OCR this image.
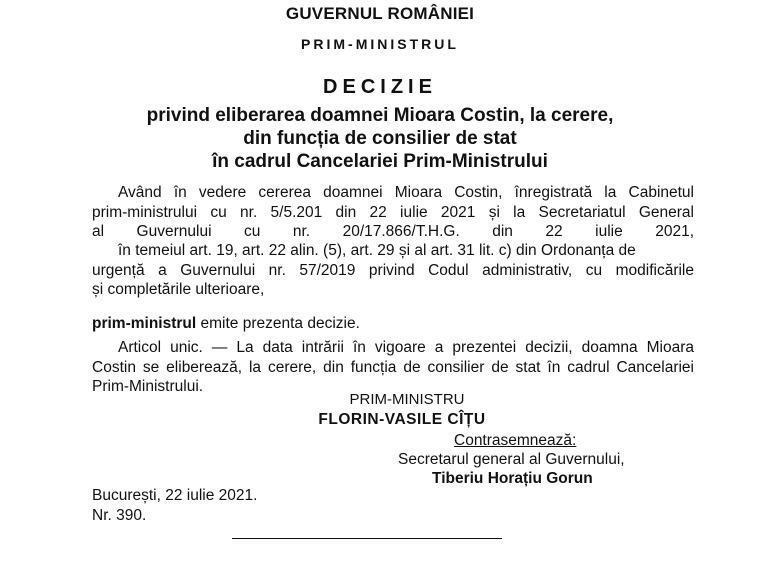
GUVERNUL ROMÂNIEI
PRIM-MINISTRUL
DECIZIE
privind eliberarea doamnei Mioara Costin, la cerere,
din funcția de consilier de stat
în cadrul Cancelariei Prim-Ministrului
Având în vedere cererea doamnei Mioara Costin, înregistrată la Cabinetul
prim-ministrului cu nr. 5/5.201 din 22 iulie 2021 și la Secretariatul General
al Guvernului cu nr. 20/17.866/T.H.G. din 22 iulie 2021,
în temeiul art. 19, art. 22 alin. (5), art. 29 și al art. 31 lit. c) din Ordonanța de
urgență a Guvernului nr. 57/2019 privind Codul administrativ, cu modificările
și completările ulterioare,
prim-ministrul emite prezenta decizie.
Articol unic. — La data intrării în vigoare a prezentei decizii, doamna Mioara
Costin se eliberează, la cerere, din funcția de consilier de stat în cadrul Cancelariei
Prim-Ministrului.
PRIM-MINISTRU
FLORIN-VASILE CÎȚU
Contrasemnează:
Secretarul general al Guvernului,
Tiberiu Horațiu Gorun
București, 22 iulie 2021.
Nr. 390.
